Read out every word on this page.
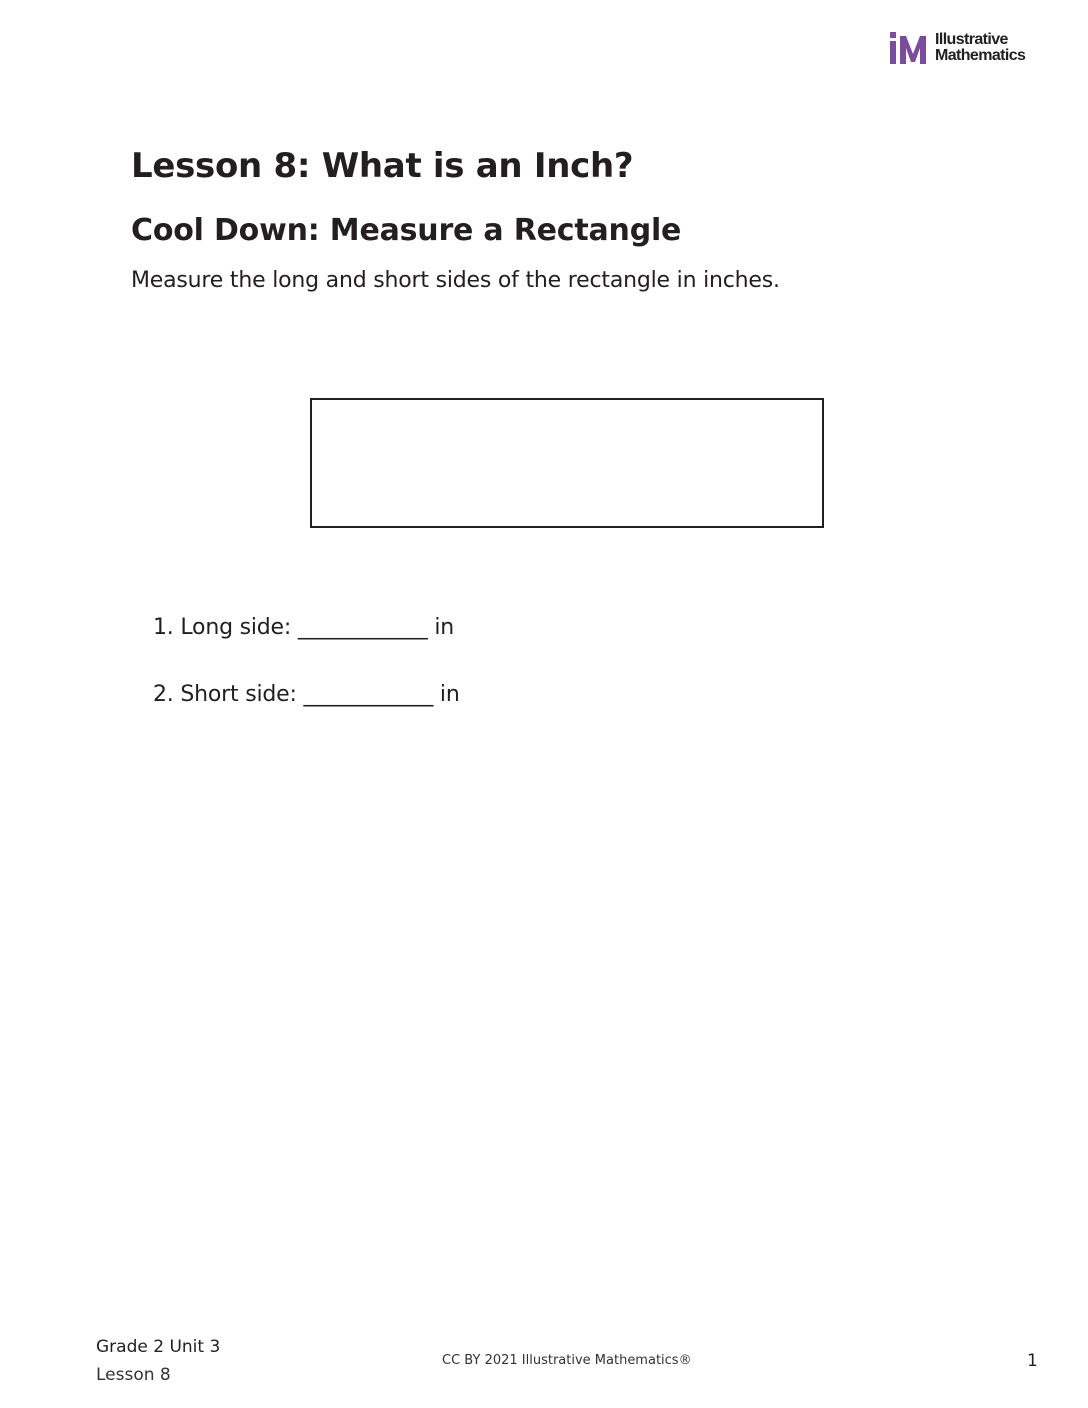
Illustrative
Mathematics
Lesson 8: What is an Inch?
Cool Down: Measure a Rectangle

Measure the long and short sides of the rectangle in inches.

1. Long side: ____________ in

2. Short side: ____________ in

Grade 2 Unit 3
Lesson 8
CC BY 2021 Illustrative Mathematics®	1
